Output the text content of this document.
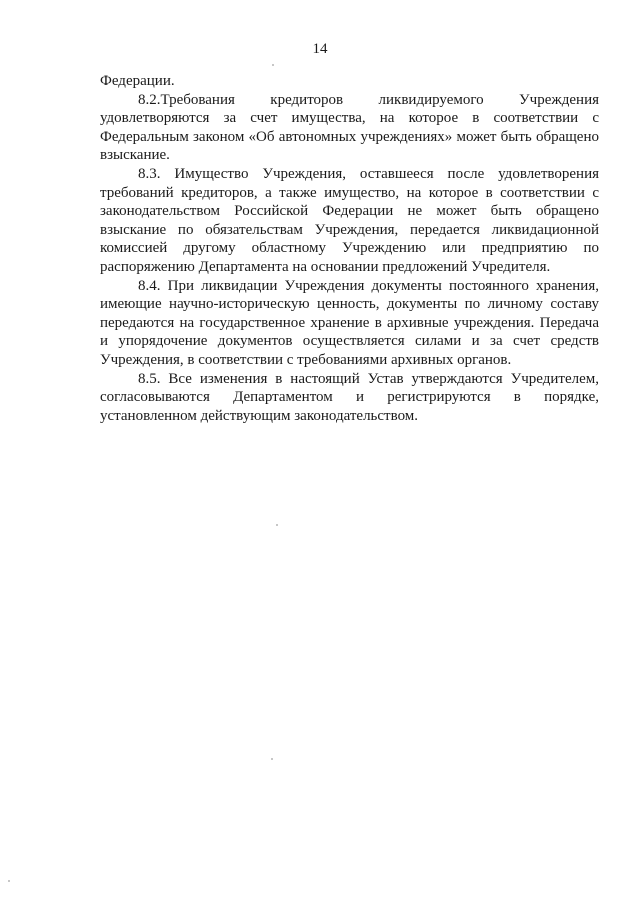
14

Федерации.

8.2.Требования кредиторов ликвидируемого Учреждения удовлетворяются за счет имущества, на которое в соответствии с Федеральным законом «Об автономных учреждениях» может быть обращено взыскание.

8.3. Имущество Учреждения, оставшееся после удовлетворения требований кредиторов, а также имущество, на которое в соответствии с законодательством Российской Федерации не может быть обращено взыскание по обязательствам Учреждения, передается ликвидационной комиссией другому областному Учреждению или предприятию по распоряжению Департамента на основании предложений Учредителя.

8.4. При ликвидации Учреждения документы постоянного хранения, имеющие научно-историческую ценность, документы по личному составу передаются на государственное хранение в архивные учреждения. Передача и упорядочение документов осуществляется силами и за счет средств Учреждения, в соответствии с требованиями архивных органов.

8.5. Все изменения в настоящий Устав утверждаются Учредителем, согласовываются Департаментом и регистрируются в порядке, установленном действующим законодательством.
